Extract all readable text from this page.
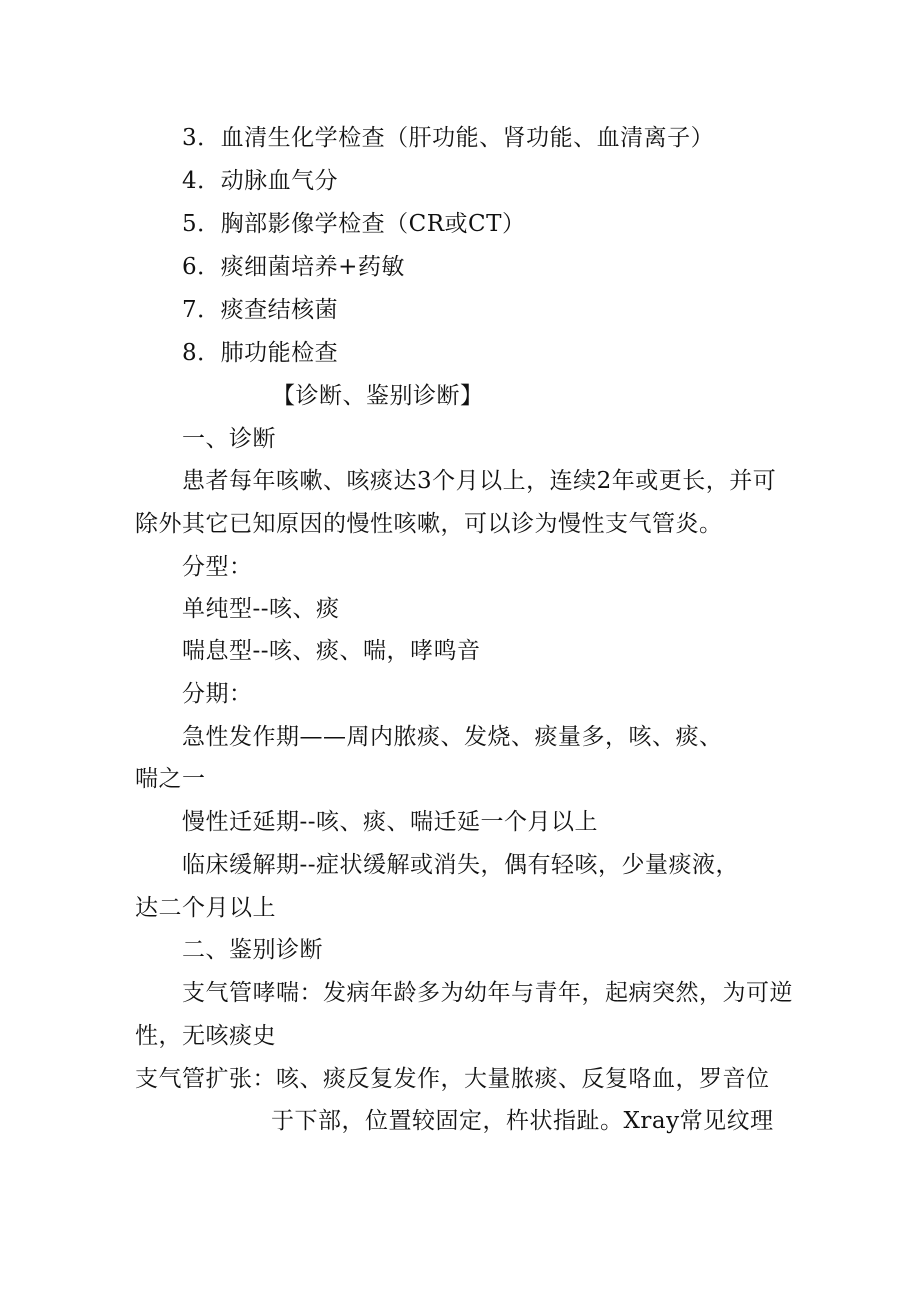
3．血清生化学检查（肝功能、肾功能、血清离子）
4．动脉血气分
5．胸部影像学检查（CR或CT）
6．痰细菌培养+药敏
7．痰查结核菌
8．肺功能检查
【诊断、鉴别诊断】
一、诊断
患者每年咳嗽、咳痰达3个月以上，连续2年或更长，并可
除外其它已知原因的慢性咳嗽，可以诊为慢性支气管炎。
分型：
单纯型--咳、痰
喘息型--咳、痰、喘，哮鸣音
分期：
急性发作期——周内脓痰、发烧、痰量多，咳、痰、
喘之一
慢性迁延期--咳、痰、喘迁延一个月以上
临床缓解期--症状缓解或消失，偶有轻咳，少量痰液，
达二个月以上
二、鉴别诊断
支气管哮喘：发病年龄多为幼年与青年，起病突然，为可逆
性，无咳痰史
支气管扩张：咳、痰反复发作，大量脓痰、反复咯血，罗音位
于下部，位置较固定，杵状指趾。Xray常见纹理
